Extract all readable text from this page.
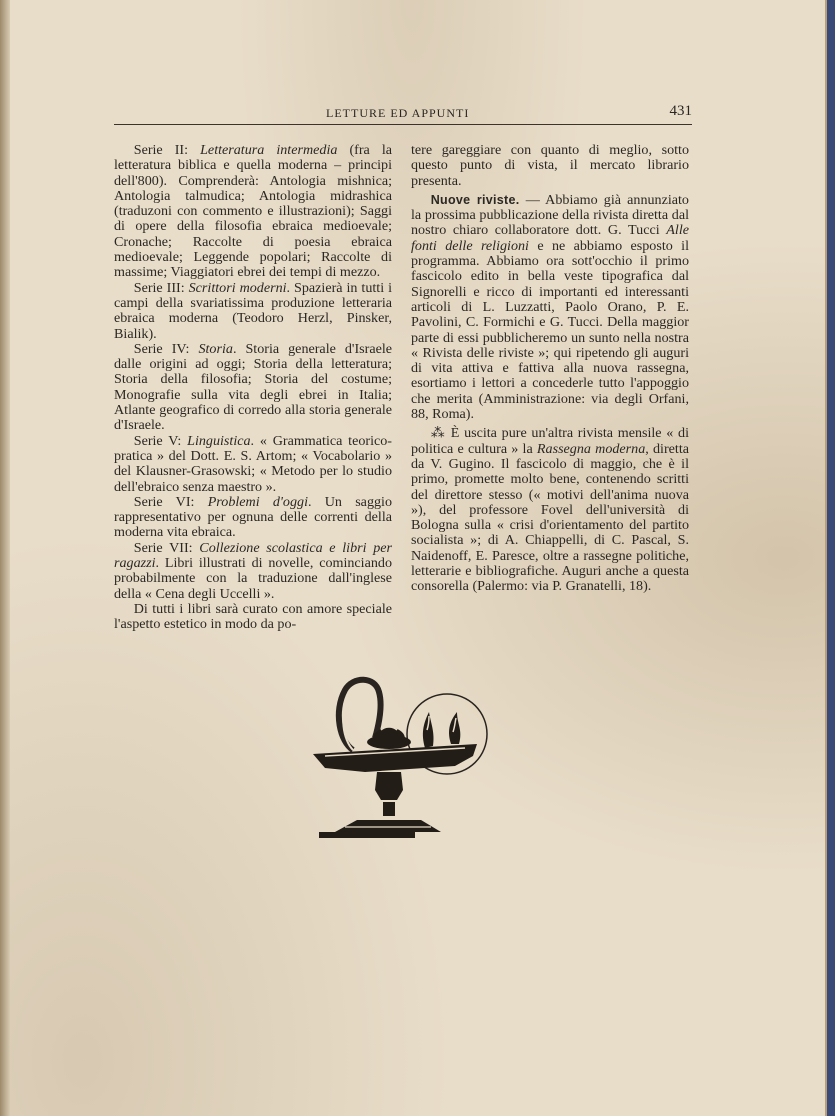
LETTURE ED APPUNTI	431

Serie II: Letteratura intermedia (fra la letteratura biblica e quella moderna – principi dell'800). Comprenderà: Antologia mishnica; Antologia talmudica; Antologia midrashica (traduzoni con commento e illustrazioni); Saggi di opere della filosofia ebraica medioevale; Cronache; Raccolte di poesia ebraica medioevale; Leggende popolari; Raccolte di massime; Viaggiatori ebrei dei tempi di mezzo.

Serie III: Scrittori moderni. Spazierà in tutti i campi della svariatissima produzione letteraria ebraica moderna (Teodoro Herzl, Pinsker, Bialik).

Serie IV: Storia. Storia generale d'Israele dalle origini ad oggi; Storia della letteratura; Storia della filosofia; Storia del costume; Monografie sulla vita degli ebrei in Italia; Atlante geografico di corredo alla storia generale d'Israele.

Serie V: Linguistica. « Grammatica teorico-pratica » del Dott. E. S. Artom; « Vocabolario » del Klausner-Grasowski; « Metodo per lo studio dell'ebraico senza maestro ».

Serie VI: Problemi d'oggi. Un saggio rappresentativo per ognuna delle correnti della moderna vita ebraica.

Serie VII: Collezione scolastica e libri per ragazzi. Libri illustrati di novelle, cominciando probabilmente con la traduzione dall'inglese della « Cena degli Uccelli ».

Di tutti i libri sarà curato con amore speciale l'aspetto estetico in modo da po-

tere gareggiare con quanto di meglio, sotto questo punto di vista, il mercato librario presenta.

Nuove riviste. — Abbiamo già annunziato la prossima pubblicazione della rivista diretta dal nostro chiaro collaboratore dott. G. Tucci Alle fonti delle religioni e ne abbiamo esposto il programma. Abbiamo ora sott'occhio il primo fascicolo edito in bella veste tipografica dal Signorelli e ricco di importanti ed interessanti articoli di L. Luzzatti, Paolo Orano, P. E. Pavolini, C. Formichi e G. Tucci. Della maggior parte di essi pubblicheremo un sunto nella nostra « Rivista delle riviste »; qui ripetendo gli auguri di vita attiva e fattiva alla nuova rassegna, esortiamo i lettori a concederle tutto l'appoggio che merita (Amministrazione: via degli Orfani, 88, Roma).

⁂ È uscita pure un'altra rivista mensile « di politica e cultura » la Rassegna moderna, diretta da V. Gugino. Il fascicolo di maggio, che è il primo, promette molto bene, contenendo scritti del direttore stesso (« motivi dell'anima nuova »), del professore Fovel dell'università di Bologna sulla « crisi d'orientamento del partito socialista »; di A. Chiappelli, di C. Pascal, S. Naidenoff, E. Paresce, oltre a rassegne politiche, letterarie e bibliografiche. Auguri anche a questa consorella (Palermo: via P. Granatelli, 18).
